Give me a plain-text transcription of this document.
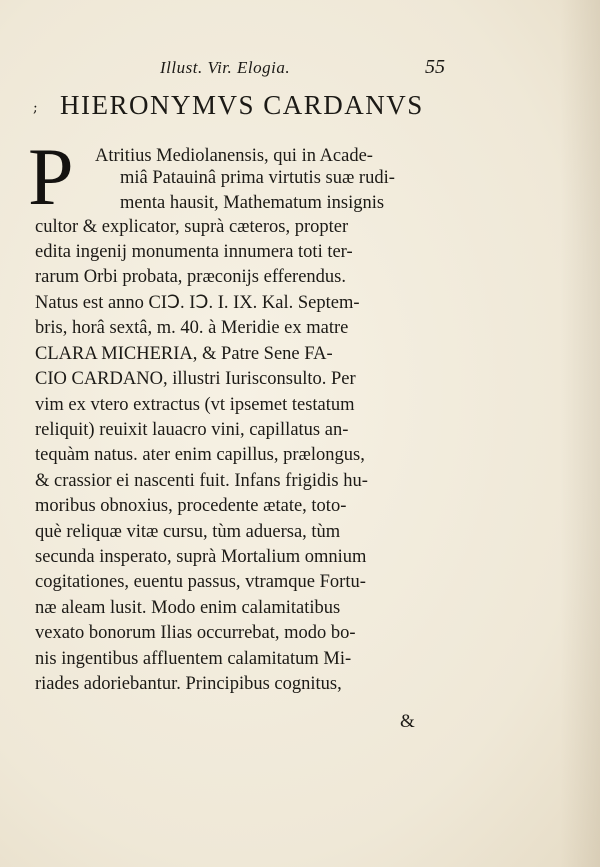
Illust. Vir. Elogia.	55
; HIERONYMVS CARDANVS
P Atritius Mediolanensis, qui in Acade-
miâ Patauinâ prima virtutis suæ rudi-
menta hausit, Mathematum insignis
cultor & explicator, suprà cæteros, propter
edita ingenij monumenta innumera toti ter-
rarum Orbi probata, præconijs efferendus.
Natus est anno CIↃ. IↃ. I. IX. Kal. Septem-
bris, horâ sextâ, m. 40. à Meridie ex matre
CLARA MICHERIA, & Patre Sene FA-
CIO CARDANO, illustri Iurisconsulto. Per
vim ex vtero extractus (vt ipsemet testatum
reliquit) reuixit lauacro vini, capillatus an-
tequàm natus. ater enim capillus, prælongus,
& crassior ei nascenti fuit. Infans frigidis hu-
moribus obnoxius, procedente ætate, toto-
què reliquæ vitæ cursu, tùm aduersa, tùm
secunda insperato, suprà Mortalium omnium
cogitationes, euentu passus, vtramque Fortu-
næ aleam lusit. Modo enim calamitatibus
vexato bonorum Ilias occurrebat, modo bo-
nis ingentibus affluentem calamitatum Mi-
riades adoriebantur. Principibus cognitus,
&
